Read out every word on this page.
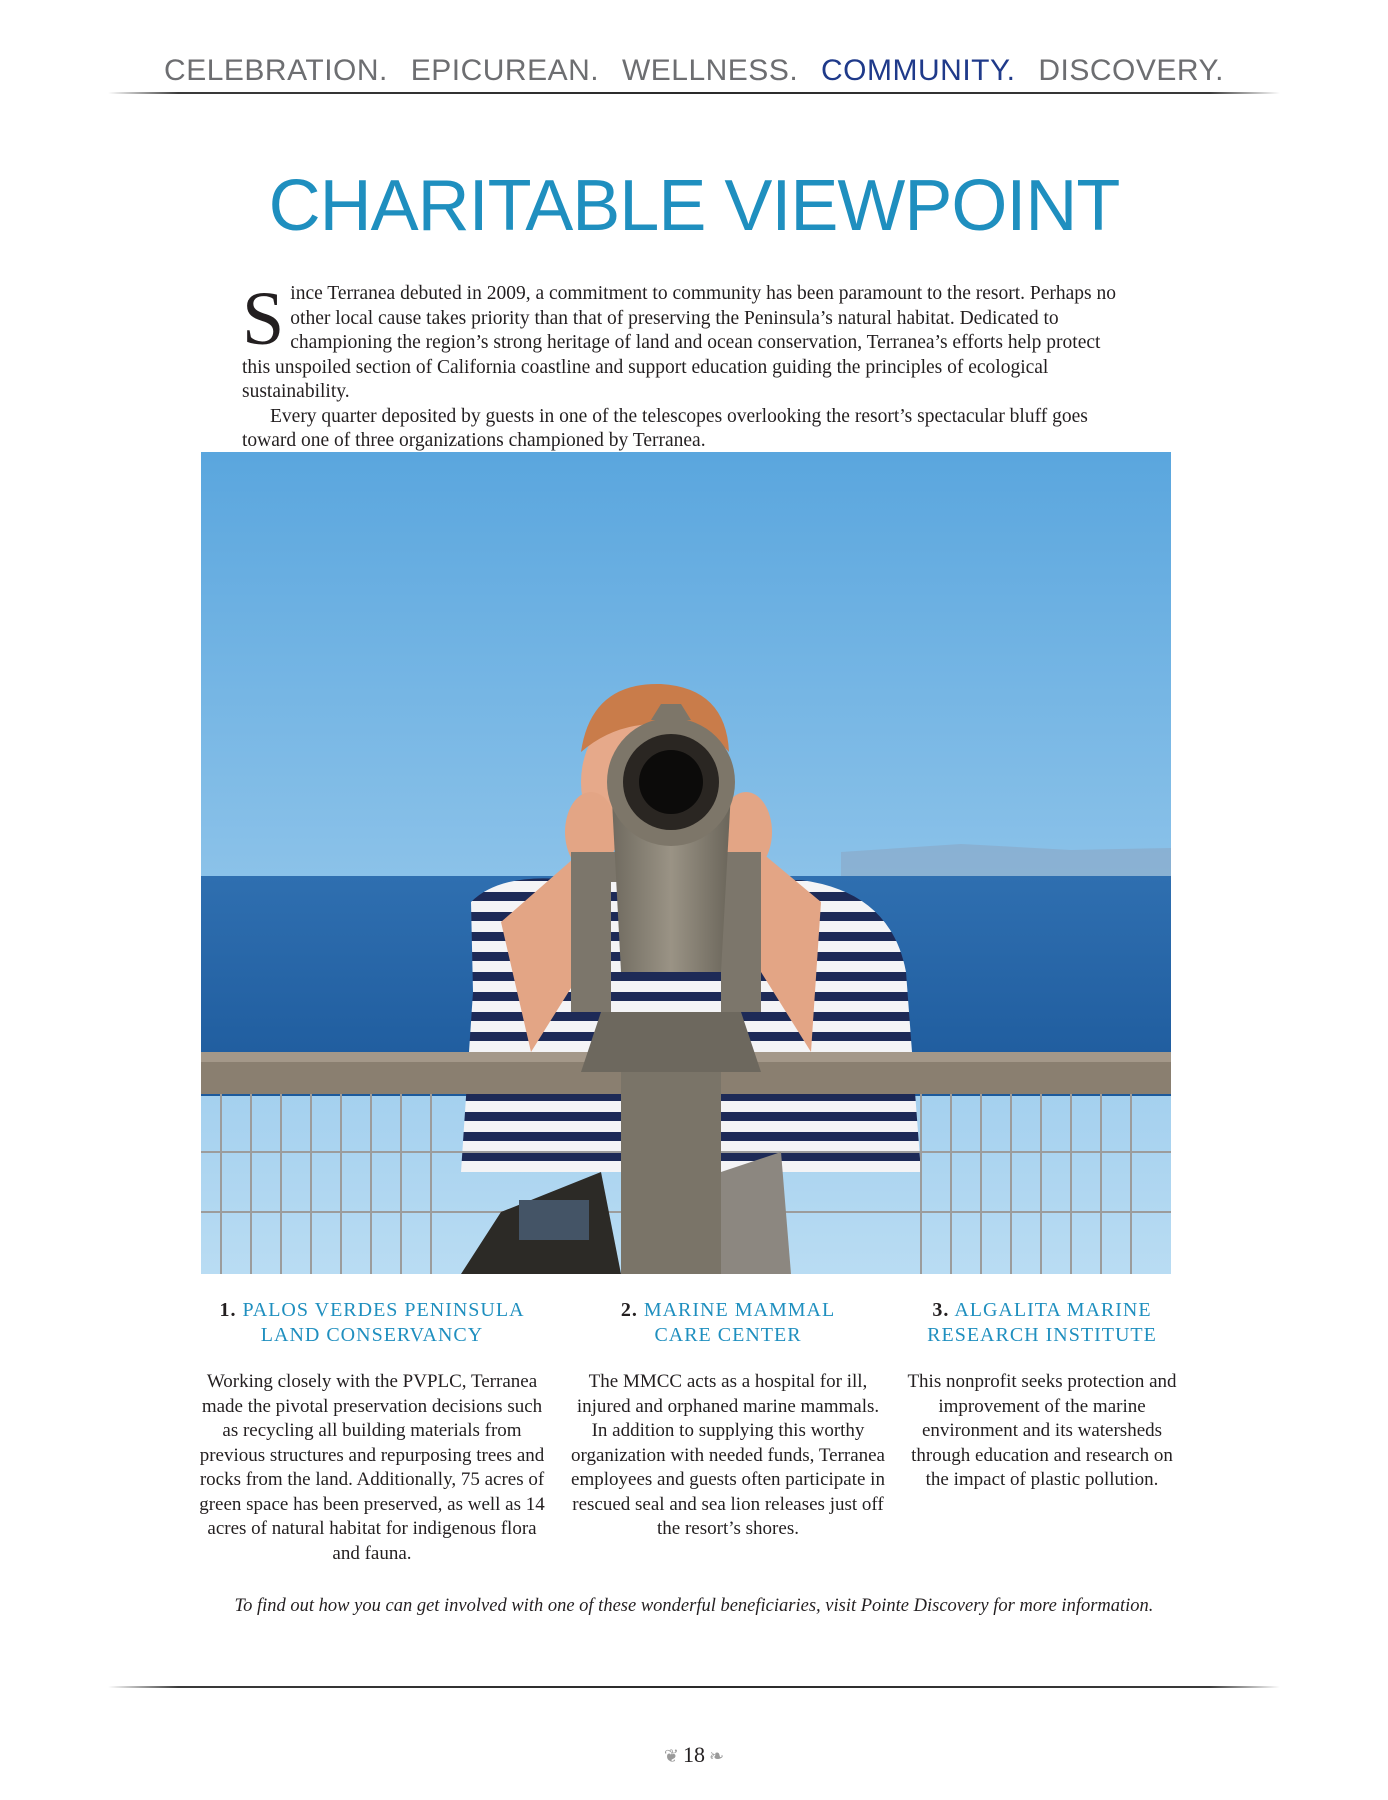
CELEBRATION. EPICUREAN. WELLNESS. COMMUNITY. DISCOVERY.
CHARITABLE VIEWPOINT

Since Terranea debuted in 2009, a commitment to community has been paramount to the resort. Perhaps no other local cause takes priority than that of preserving the Peninsula’s natural habitat. Dedicated to championing the region’s strong heritage of land and ocean conservation, Terranea’s efforts help protect this unspoiled section of California coastline and support education guiding the principles of ecological sustainability.

Every quarter deposited by guests in one of the telescopes overlooking the resort’s spectacular bluff goes toward one of three organizations championed by Terranea.

1. PALOS VERDES PENINSULA
LAND CONSERVANCY

Working closely with the PVPLC, Terranea made the pivotal preservation decisions such as recycling all building materials from previous structures and repurposing trees and rocks from the land. Additionally, 75 acres of green space has been preserved, as well as 14 acres of natural habitat for indigenous flora and fauna.

2. MARINE MAMMAL
CARE CENTER

The MMCC acts as a hospital for ill, injured and orphaned marine mammals. In addition to supplying this worthy organization with needed funds, Terranea employees and guests often participate in rescued seal and sea lion releases just off the resort’s shores.

3. ALGALITA MARINE
RESEARCH INSTITUTE

This nonprofit seeks protection and improvement of the marine environment and its watersheds through education and research on the impact of plastic pollution.

To find out how you can get involved with one of these wonderful beneficiaries, visit Pointe Discovery for more information.

❦ 18 ❧
